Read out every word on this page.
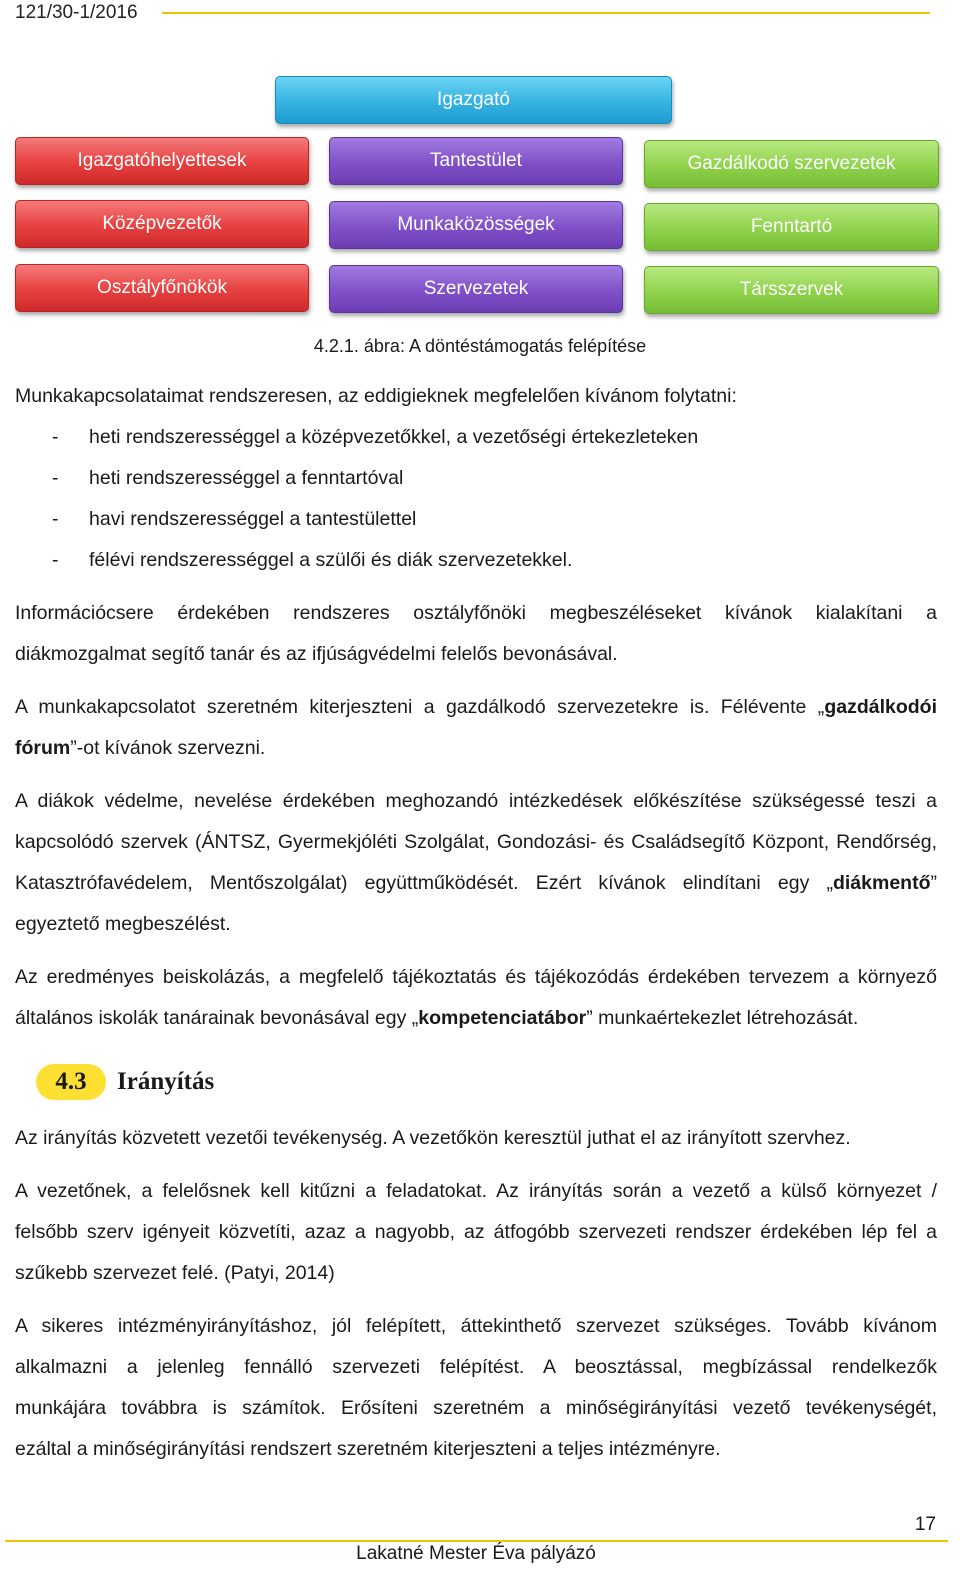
121/30-1/2016
Igazgató
Igazgatóhelyettesek
Középvezetők
Osztályfőnökök
Tantestület
Munkaközösségek
Szervezetek
Gazdálkodó szervezetek
Fenntartó
Társszervek
4.2.1. ábra: A döntéstámogatás felépítése

Munkakapcsolataimat rendszeresen, az eddigieknek megfelelően kívánom folytatni:

- heti rendszerességgel a középvezetőkkel, a vezetőségi értekezleteken
- heti rendszerességgel a fenntartóval
- havi rendszerességgel a tantestülettel
- félévi rendszerességgel a szülői és diák szervezetekkel.

Információcsere érdekében rendszeres osztályfőnöki megbeszéléseket kívánok kialakítani a

diákmozgalmat segítő tanár és az ifjúságvédelmi felelős bevonásával.

A munkakapcsolatot szeretném kiterjeszteni a gazdálkodó szervezetekre is. Félévente „gazdálkodói

fórum”-ot kívánok szervezni.

A diákok védelme, nevelése érdekében meghozandó intézkedések előkészítése szükségessé teszi a

kapcsolódó szervek (ÁNTSZ, Gyermekjóléti Szolgálat, Gondozási- és Családsegítő Központ, Rendőrség,

Katasztrófavédelem, Mentőszolgálat) együttműködését. Ezért kívánok elindítani egy „diákmentő”

egyeztető megbeszélést.

Az eredményes beiskolázás, a megfelelő tájékoztatás és tájékozódás érdekében tervezem a környező

általános iskolák tanárainak bevonásával egy „kompetenciatábor” munkaértekezlet létrehozását.

4.3	Irányítás

Az irányítás közvetett vezetői tevékenység. A vezetőkön keresztül juthat el az irányított szervhez.

A vezetőnek, a felelősnek kell kitűzni a feladatokat. Az irányítás során a vezető a külső környezet /

felsőbb szerv igényeit közvetíti, azaz a nagyobb, az átfogóbb szervezeti rendszer érdekében lép fel a

szűkebb szervezet felé. (Patyi, 2014)

A sikeres intézményirányításhoz, jól felépített, áttekinthető szervezet szükséges. Tovább kívánom

alkalmazni a jelenleg fennálló szervezeti felépítést. A beosztással, megbízással rendelkezők

munkájára továbbra is számítok. Erősíteni szeretném a minőségirányítási vezető tevékenységét,

ezáltal a minőségirányítási rendszert szeretném kiterjeszteni a teljes intézményre.

17
Lakatné Mester Éva pályázó
